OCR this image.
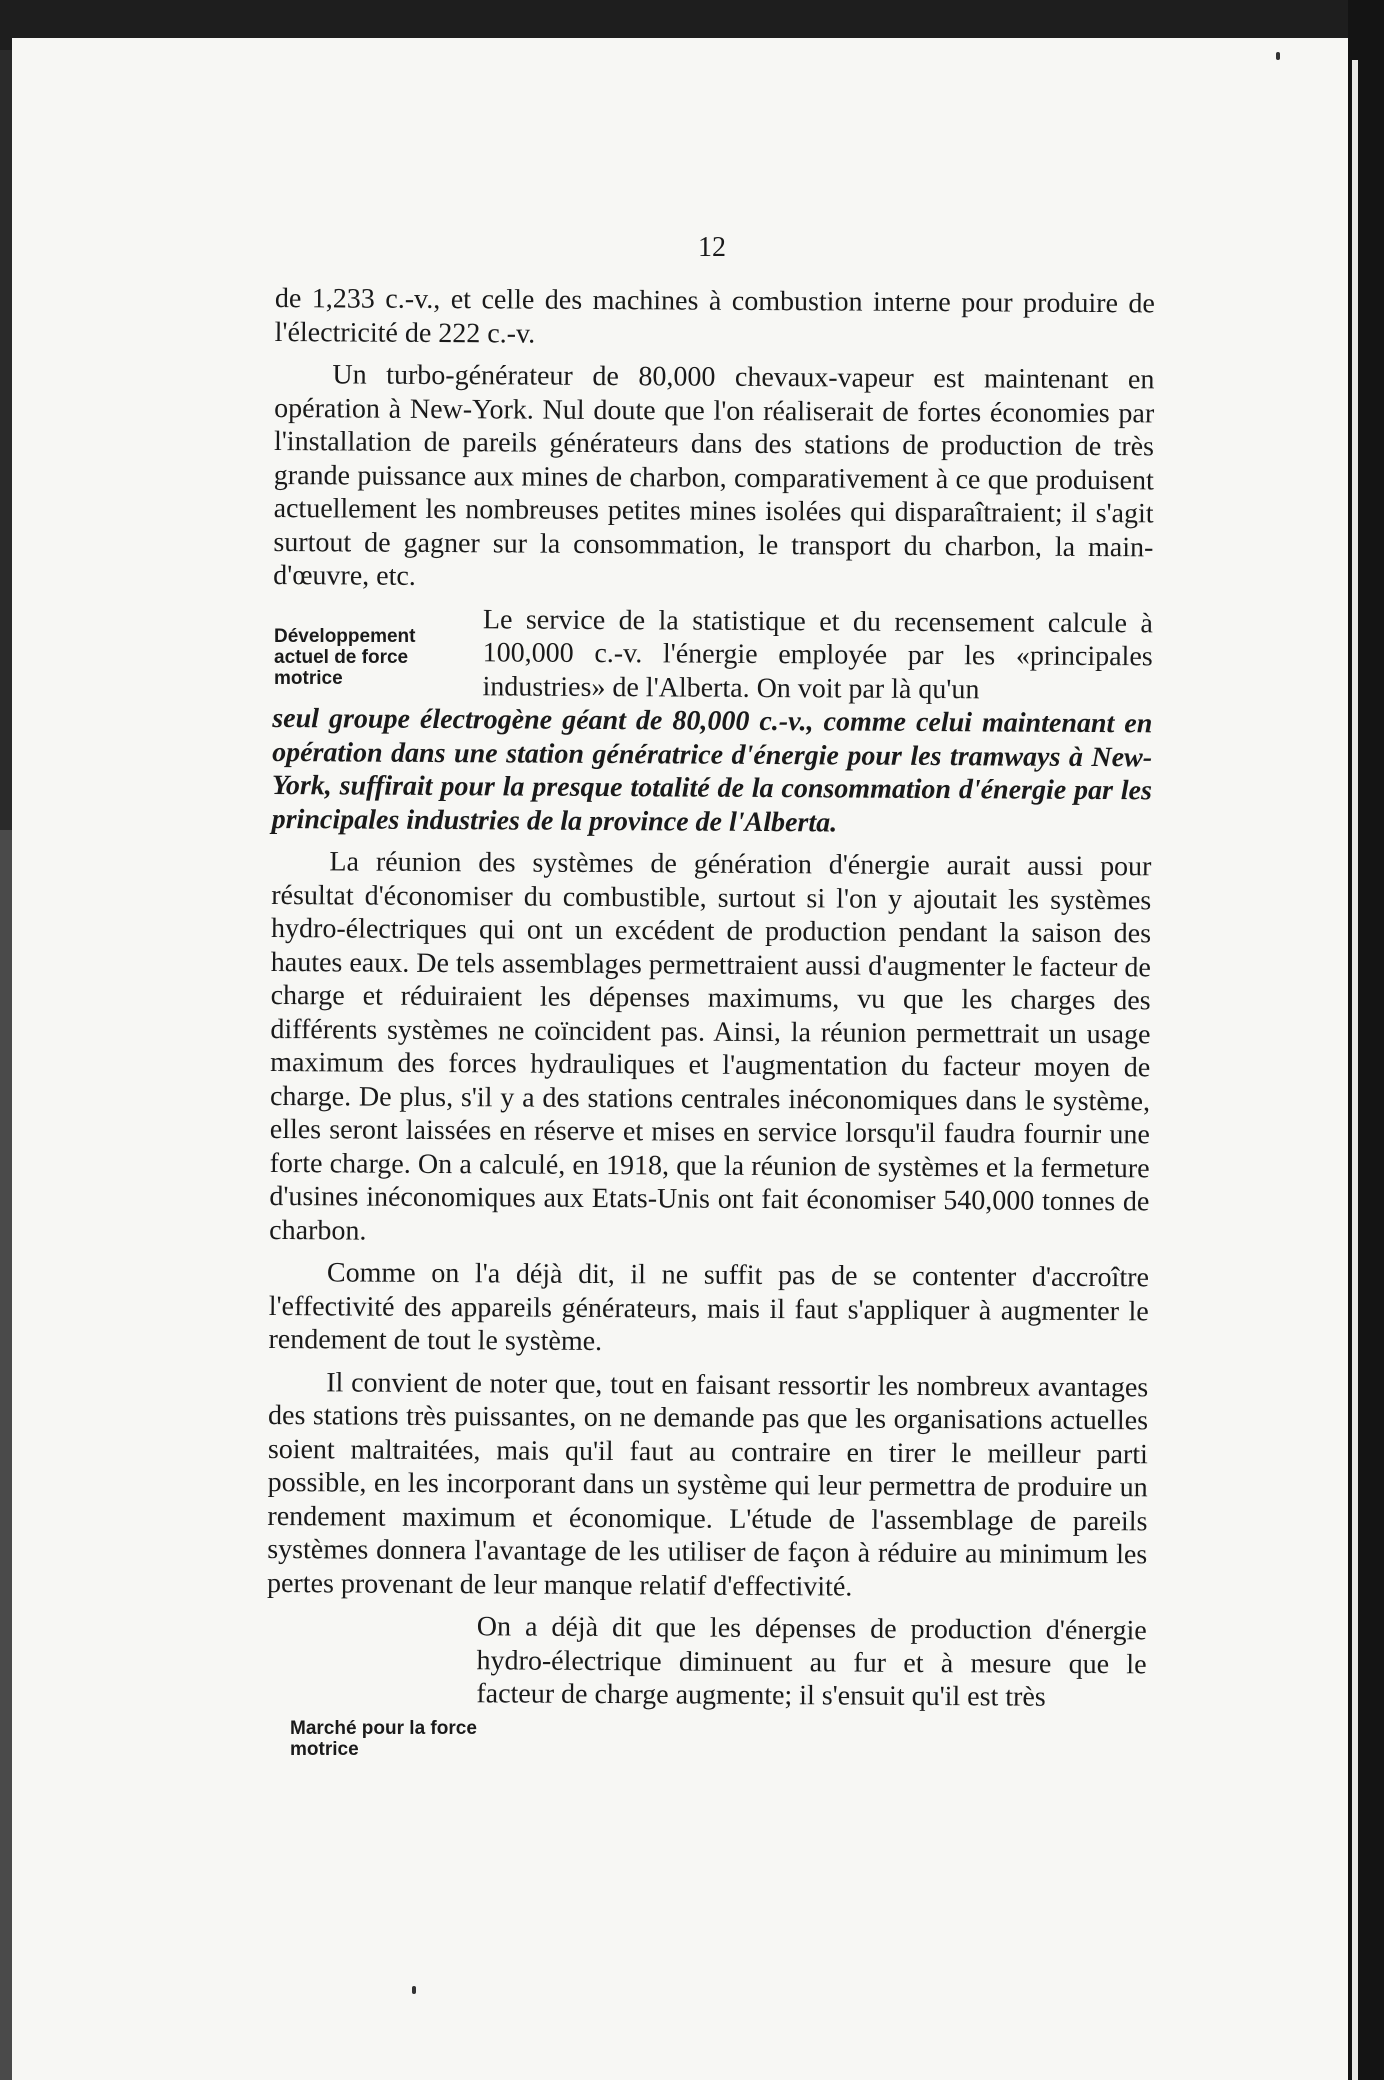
12

de 1,233 c.-v., et celle des machines à combustion interne pour produire de l'électricité de 222 c.-v.

Un turbo-générateur de 80,000 chevaux-vapeur est maintenant en opération à New-York. Nul doute que l'on réaliserait de fortes économies par l'installation de pareils générateurs dans des stations de production de très grande puissance aux mines de charbon, comparativement à ce que produisent actuellement les nombreuses petites mines isolées qui disparaîtraient; il s'agit surtout de gagner sur la consommation, le transport du charbon, la main-d'œuvre, etc.

Le service de la statistique et du recensement calcule à 100,000 c.-v. l'énergie employée par les «principales industries» de l'Alberta. On voit par là qu'un
seul groupe électrogène géant de 80,000 c.-v., comme celui maintenant en opération dans une station génératrice d'énergie pour les tramways à New-York, suffirait pour la presque totalité de la consommation d'énergie par les principales industries de la province de l'Alberta.

La réunion des systèmes de génération d'énergie aurait aussi pour résultat d'économiser du combustible, surtout si l'on y ajoutait les systèmes hydro-électriques qui ont un excédent de production pendant la saison des hautes eaux. De tels assemblages permettraient aussi d'augmenter le facteur de charge et réduiraient les dépenses maximums, vu que les charges des différents systèmes ne coïncident pas. Ainsi, la réunion permettrait un usage maximum des forces hydrauliques et l'augmentation du facteur moyen de charge. De plus, s'il y a des stations centrales inéconomiques dans le système, elles seront laissées en réserve et mises en service lorsqu'il faudra fournir une forte charge. On a calculé, en 1918, que la réunion de systèmes et la fermeture d'usines inéconomiques aux Etats-Unis ont fait économiser 540,000 tonnes de charbon.

Comme on l'a déjà dit, il ne suffit pas de se contenter d'accroître l'effectivité des appareils générateurs, mais il faut s'appliquer à augmenter le rendement de tout le système.

Il convient de noter que, tout en faisant ressortir les nombreux avantages des stations très puissantes, on ne demande pas que les organisations actuelles soient maltraitées, mais qu'il faut au contraire en tirer le meilleur parti possible, en les incorporant dans un système qui leur permettra de produire un rendement maximum et économique. L'étude de l'assemblage de pareils systèmes donnera l'avantage de les utiliser de façon à réduire au minimum les pertes provenant de leur manque relatif d'effectivité.

On a déjà dit que les dépenses de production d'énergie hydro-électrique diminuent au fur et à mesure que le facteur de charge augmente; il s'ensuit qu'il est très

Développement actuel de force motrice
Marché pour la force motrice
